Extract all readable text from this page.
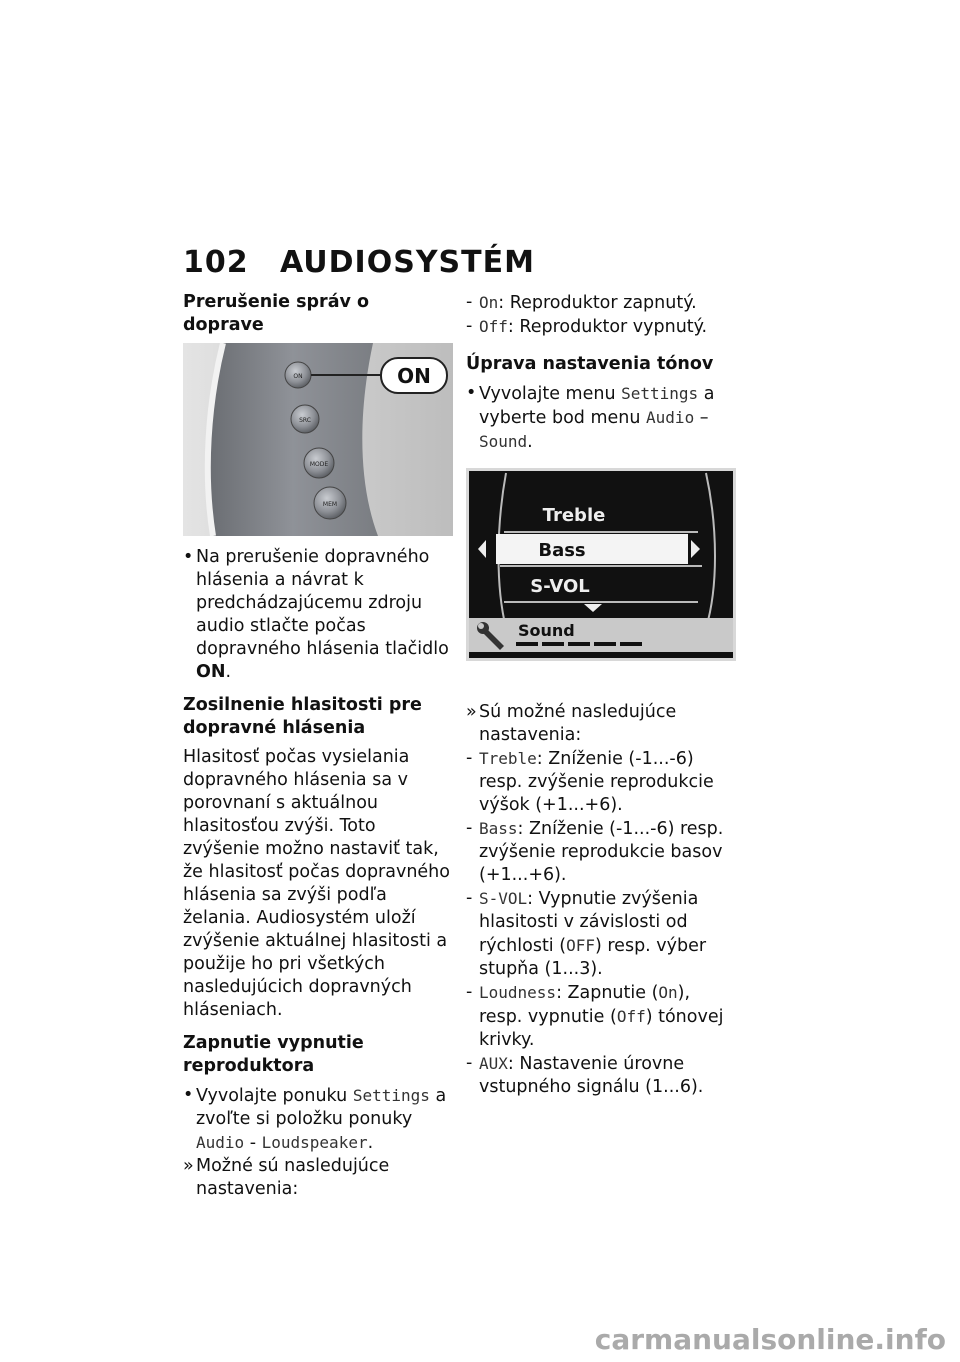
102 AUDIOSYSTÉM
Prerušenie správ o doprave
ON
SRC
MODE
MEM
ON
• Na prerušenie dopravného hlásenia a návrat k predchádzajúcemu zdroju audio stlačte počas dopravného hlásenia tlačidlo ON.
Zosilnenie hlasitosti pre dopravné hlásenia

Hlasitosť počas vysielania dopravného hlásenia sa v porovnaní s aktuálnou hlasitosťou zvýši. Toto zvýšenie možno nastaviť tak, že hlasitosť počas dopravného hlásenia sa zvýši podľa želania. Audiosystém uloží zvýšenie aktuálnej hlasitosti a použije ho pri všetkých nasledujúcich dopravných hláseniach.

Zapnutie vypnutie reproduktora
• Vyvolajte ponuku Settings a zvoľte si položku ponuky Audio - Loudspeaker.
» Možné sú nasledujúce nastavenia:
- On: Reproduktor zapnutý.
- Off: Reproduktor vypnutý.
Úprava nastavenia tónov
• Vyvolajte menu Settings a vyberte bod menu Audio – Sound.
Treble
Bass
S-VOL
Sound
» Sú možné nasledujúce nastavenia:
- Treble: Zníženie (-1...-6) resp. zvýšenie reprodukcie výšok (+1...+6).
- Bass: Zníženie (-1...-6) resp. zvýšenie reprodukcie basov (+1...+6).
- S-VOL: Vypnutie zvýšenia hlasitosti v závislosti od rýchlosti (OFF) resp. výber stupňa (1...3).
- Loudness: Zapnutie (On), resp. vypnutie (Off) tónovej krivky.
- AUX: Nastavenie úrovne vstupného signálu (1...6).
carmanualsonline.info
